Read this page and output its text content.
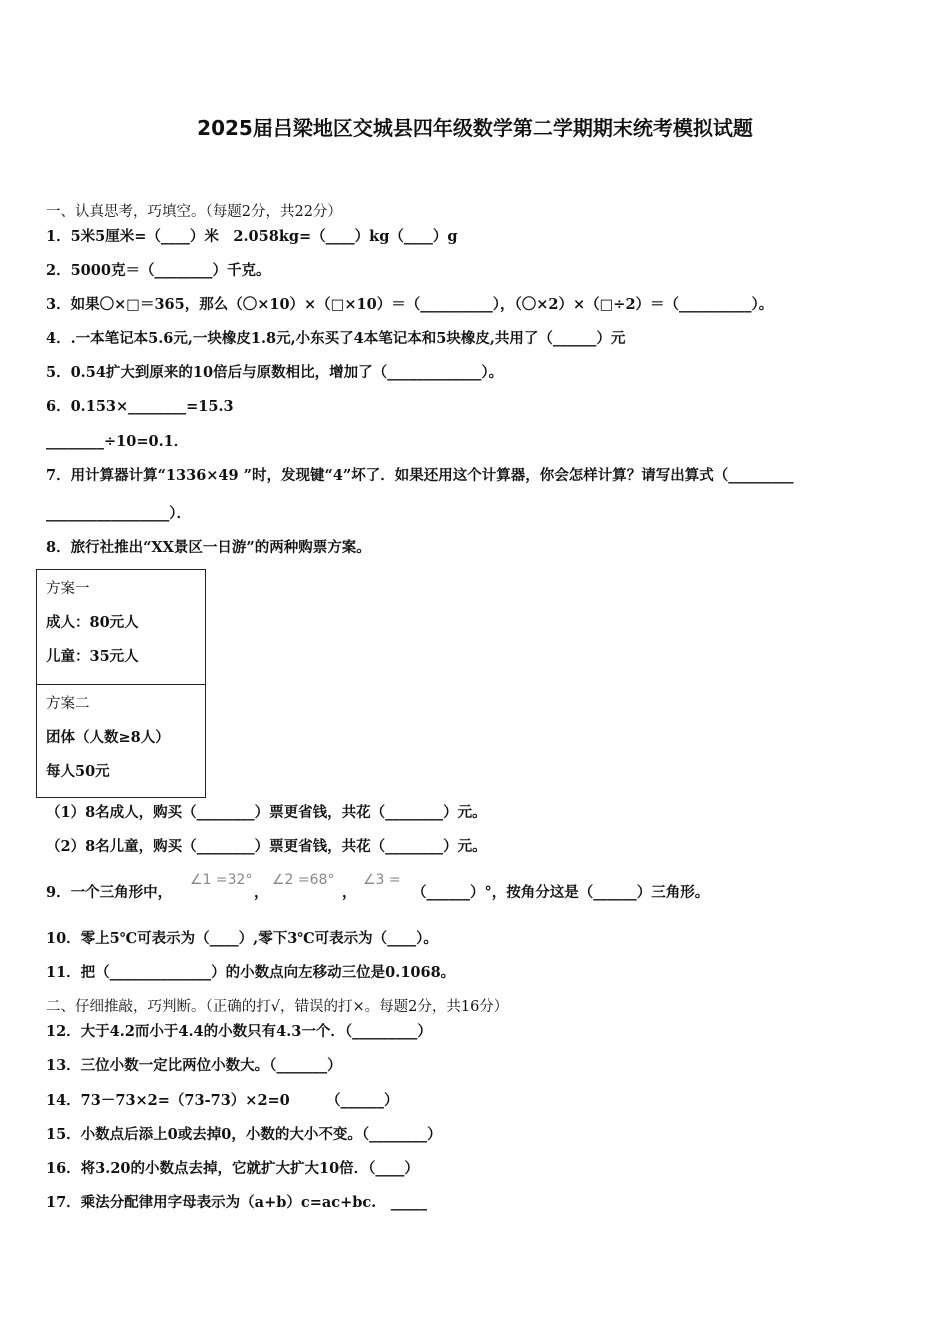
2025届吕梁地区交城县四年级数学第二学期期末统考模拟试题
一、认真思考，巧填空。（每题2分，共22分）
1．5米5厘米=（____）米　2.058kg=（____）kg（____）g
2．5000克＝（________）千克。
3．如果〇×□＝365，那么（〇×10）×（□×10）＝（__________），（〇×2）×（□÷2）＝（__________）。
4．.一本笔记本5.6元,一块橡皮1.8元,小东买了4本笔记本和5块橡皮,共用了（______）元
5．0.54扩大到原来的10倍后与原数相比，增加了（_____________）。
6．0.153×________=15.3
________÷10=0.1．
7．用计算器计算“1336×49 ”时，发现键“4”坏了．如果还用这个计算器，你会怎样计算？请写出算式（_________
_________________）．
8．旅行社推出“XX景区一日游”的两种购票方案。
方案一
成人：80元人
儿童：35元人
方案二
团体（人数≥8人）
每人50元
（1）8名成人，购买（________）票更省钱，共花（________）元。
（2）8名儿童，购买（________）票更省钱，共花（________）元。
9．一个三角形中，
∠1 =32°
，
∠2 =68°
，
∠3 =
（______）°，按角分这是（______）三角形。
10．零上5℃可表示为（____）,零下3℃可表示为（____）。
11．把（______________）的小数点向左移动三位是0.1068。
二、仔细推敲，巧判断。（正确的打√，错误的打×。每题2分，共16分）
12．大于4.2而小于4.4的小数只有4.3一个．（_________）
13．三位小数一定比两位小数大。（_______）
14．73－73×2=（73-73）×2=0　　　（______）
15．小数点后添上0或去掉0，小数的大小不变。（________）
16．将3.20的小数点去掉，它就扩大扩大10倍．（____）
17．乘法分配律用字母表示为（a+b）c=ac+bc.　_____
